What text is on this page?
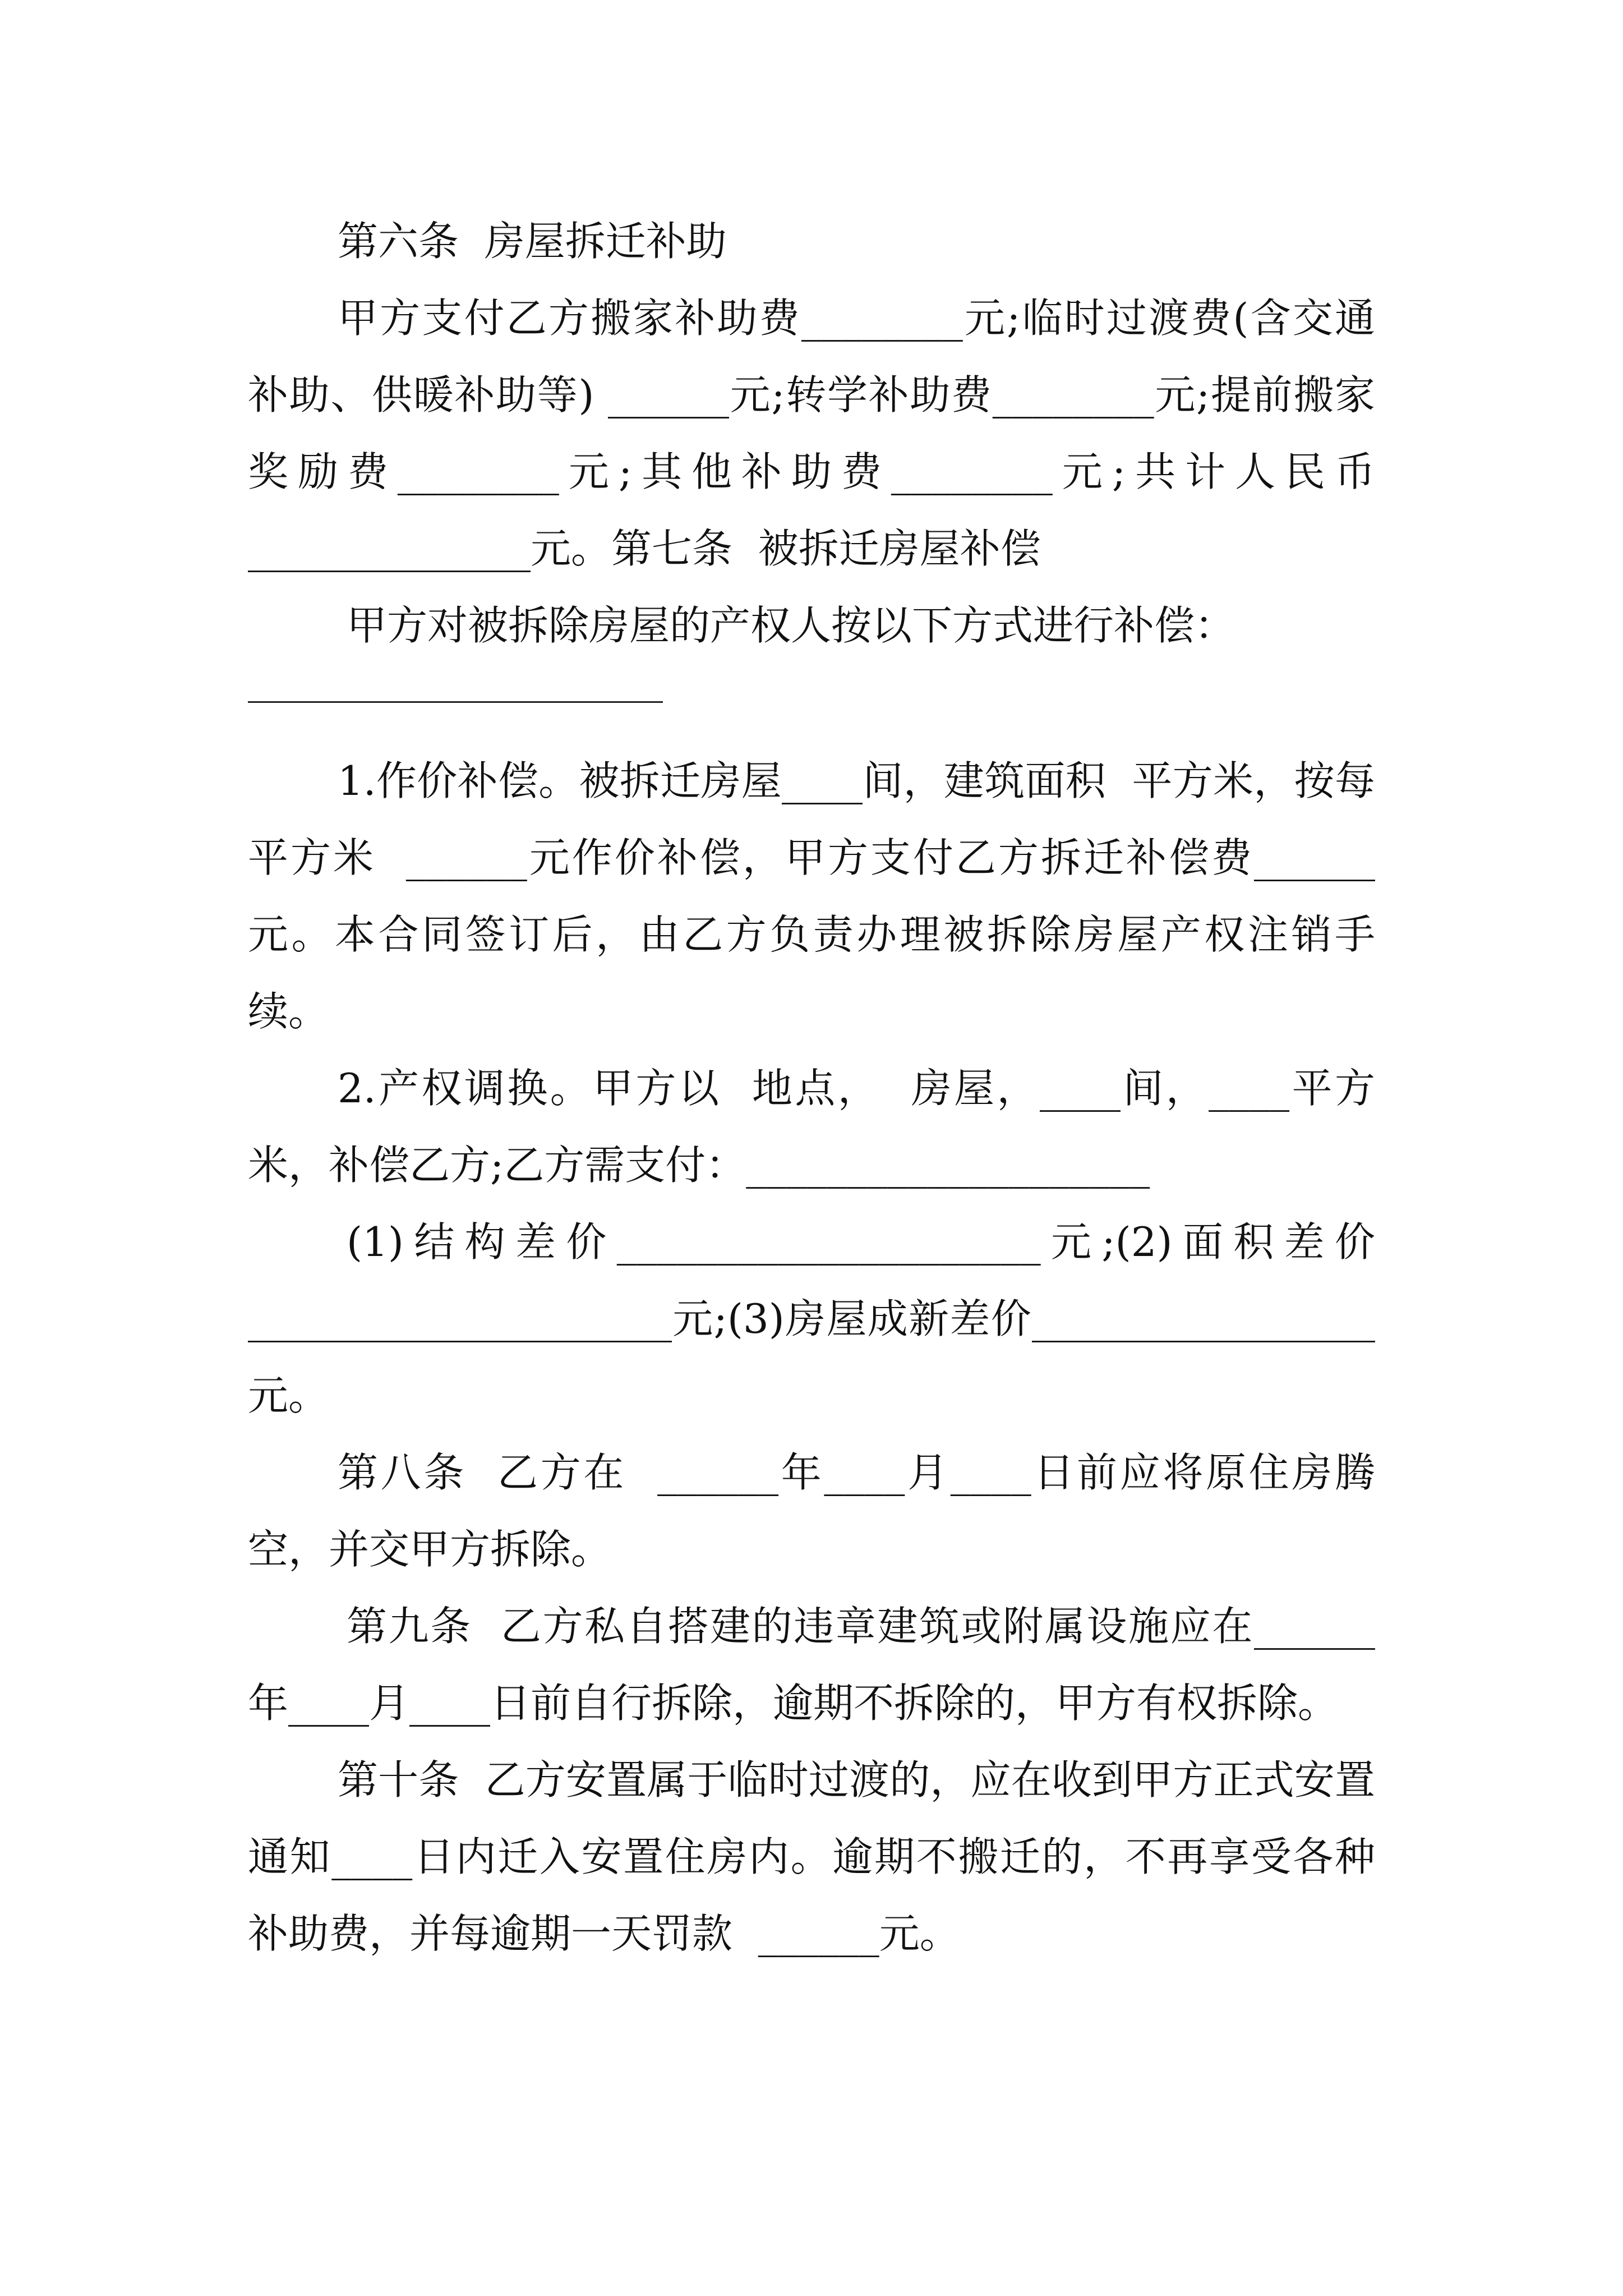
第六条  房屋拆迁补助

甲方支付乙方搬家补助费________元;临时过渡费(含交通补助、供暖补助等) ______元;转学补助费________元;提前搬家奖励费________元;其他补助费________元;共计人民币______________元。第七条  被拆迁房屋补偿

甲方对被拆除房屋的产权人按以下方式进行补偿：

1.作价补偿。被拆迁房屋____间，建筑面积  平方米，按每平方米  ______元作价补偿，甲方支付乙方拆迁补偿费______元。本合同签订后，由乙方负责办理被拆除房屋产权注销手续。

2.产权调换。甲方以  地点，  房屋，____间，____平方米，补偿乙方;乙方需支付：____________________

(1)结构差价_____________________元;(2)面积差价_____________________元;(3)房屋成新差价_________________元。

第八条  乙方在  ______年____月____日前应将原住房腾空，并交甲方拆除。

第九条  乙方私自搭建的违章建筑或附属设施应在______年____月____日前自行拆除，逾期不拆除的，甲方有权拆除。

第十条  乙方安置属于临时过渡的，应在收到甲方正式安置通知____日内迁入安置住房内。逾期不搬迁的，不再享受各种补助费，并每逾期一天罚款  ______元。
